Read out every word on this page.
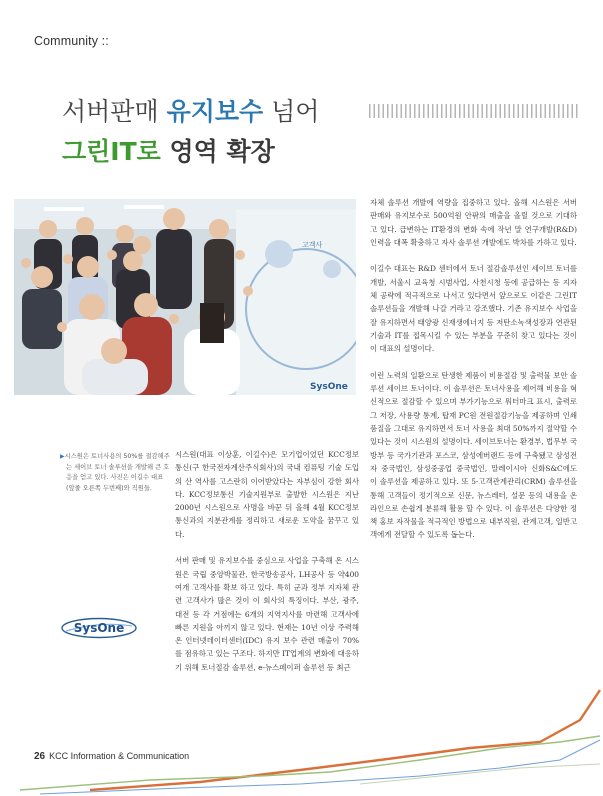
Community ::
서버판매 유지보수 넘어
그린IT로 영역 확장
고객사
SysOne
▶시스원은 토너사용의 50%를 절감해주는 세이브 토너 솔루션을 개발해 큰 호응을 얻고 있다. 사진은 이길수 대표(앞줄 오른쪽 두번째)와 직원들.
SysOne

시스원(대표 이상훈, 이길수)은 모기업이었던 KCC정보통신(구 한국전자계산주식회사)의 국내 컴퓨팅 기술 도입의 산 역사를 고스란히 이어받았다는 자부심이 강한 회사다. KCC정보통신 기술지원부로 출발한 시스원은 지난 2000년 시스원으로 사명을 바꾼 뒤 올해 4월 KCC정보통신과의 지분관계를 정리하고 새로운 도약을 꿈꾸고 있다.

서버 판매 및 유지보수를 중심으로 사업을 구축해 온 시스원은 국립 중앙박물관, 한국방송공사, LH공사 등 약400여개 고객사를 확보 하고 있다. 특히 군과 정부 지자체 관련 고객사가 많은 것이 이 회사의 특징이다. 부산, 광주, 대전 등 각 거점에는 6개의 지역지사를 마련해 고객사에 빠른 지원을 아끼지 않고 있다. 현재는 10년 이상 주력해온 인터넷데이터센터(IDC) 유지 보수 관련 매출이 70%를 점유하고 있는 구조다. 하지만 IT업계의 변화에 대응하기 위해 토너절감 솔루션, e-뉴스페이퍼 솔루션 등 최근

자체 솔루션 개발에 역량을 집중하고 있다. 올해 시스원은 서버 판매와 유지보수로 500억원 안팎의 매출을 올릴 것으로 기대하고 있다. 급변하는 IT환경의 변화 속에 작년 말 연구개발(R&D) 인력을 대폭 확충하고 자사 솔루션 개발에도 박차를 가하고 있다.

이길수 대표는 R&D 센터에서 토너 절감솔루션인 세이브 토너를 개발, 서울시 교육청 시범사업, 사천시청 등에 공급하는 등 지자체 공략에 적극적으로 나서고 있다면서 앞으로도 이같은 그린IT 솔루션들을 개발해 나갈 거라고 강조했다. 기존 유지보수 사업을 잘 유지하면서 태양광 신재생에너지 등 저탄소녹색성장과 연관된 기술과 IT를 접목시킬 수 있는 부분을 꾸준히 찾고 있다는 것이 이 대표의 설명이다.

이런 노력의 일환으로 탄생한 제품이 비용절감 및 출력물 보안 솔루션 세이브 토너이다. 이 솔루션은 토너사용을 제어해 비용을 혁신적으로 절감할 수 있으며 부가기능으로 워터마크 표시, 출력로그 저장, 사용량 통계, 탑재 PC원 전원절감기능을 제공하며 인쇄품질을 그대로 유지하면서 토너 사용을 최대 50%까지 절약할 수 있다는 것이 시스원의 설명이다. 세이브토너는 환경부, 법무부 국방부 등 국가기관과 포스코, 삼성에버랜드 등에 구축됐고 삼성전자 중국법인, 삼성중공업 중국법인, 말레이시아 신화S&C에도 이 솔루션을 제공하고 있다. 또 5-고객관계관리(CRM) 솔루션을 통해 고객들이 정기적으로 신문, 뉴스레터, 설문 등의 내용을 온라인으로 손쉽게 분류해 활용 할 수 있다. 이 솔루션은 다양한 정책 홍보 자작물을 적극적인 방법으로 내부직원, 관계고객, 일반고객에게 전달할 수 있도록 돕는다.

26 KCC Information & Communication
